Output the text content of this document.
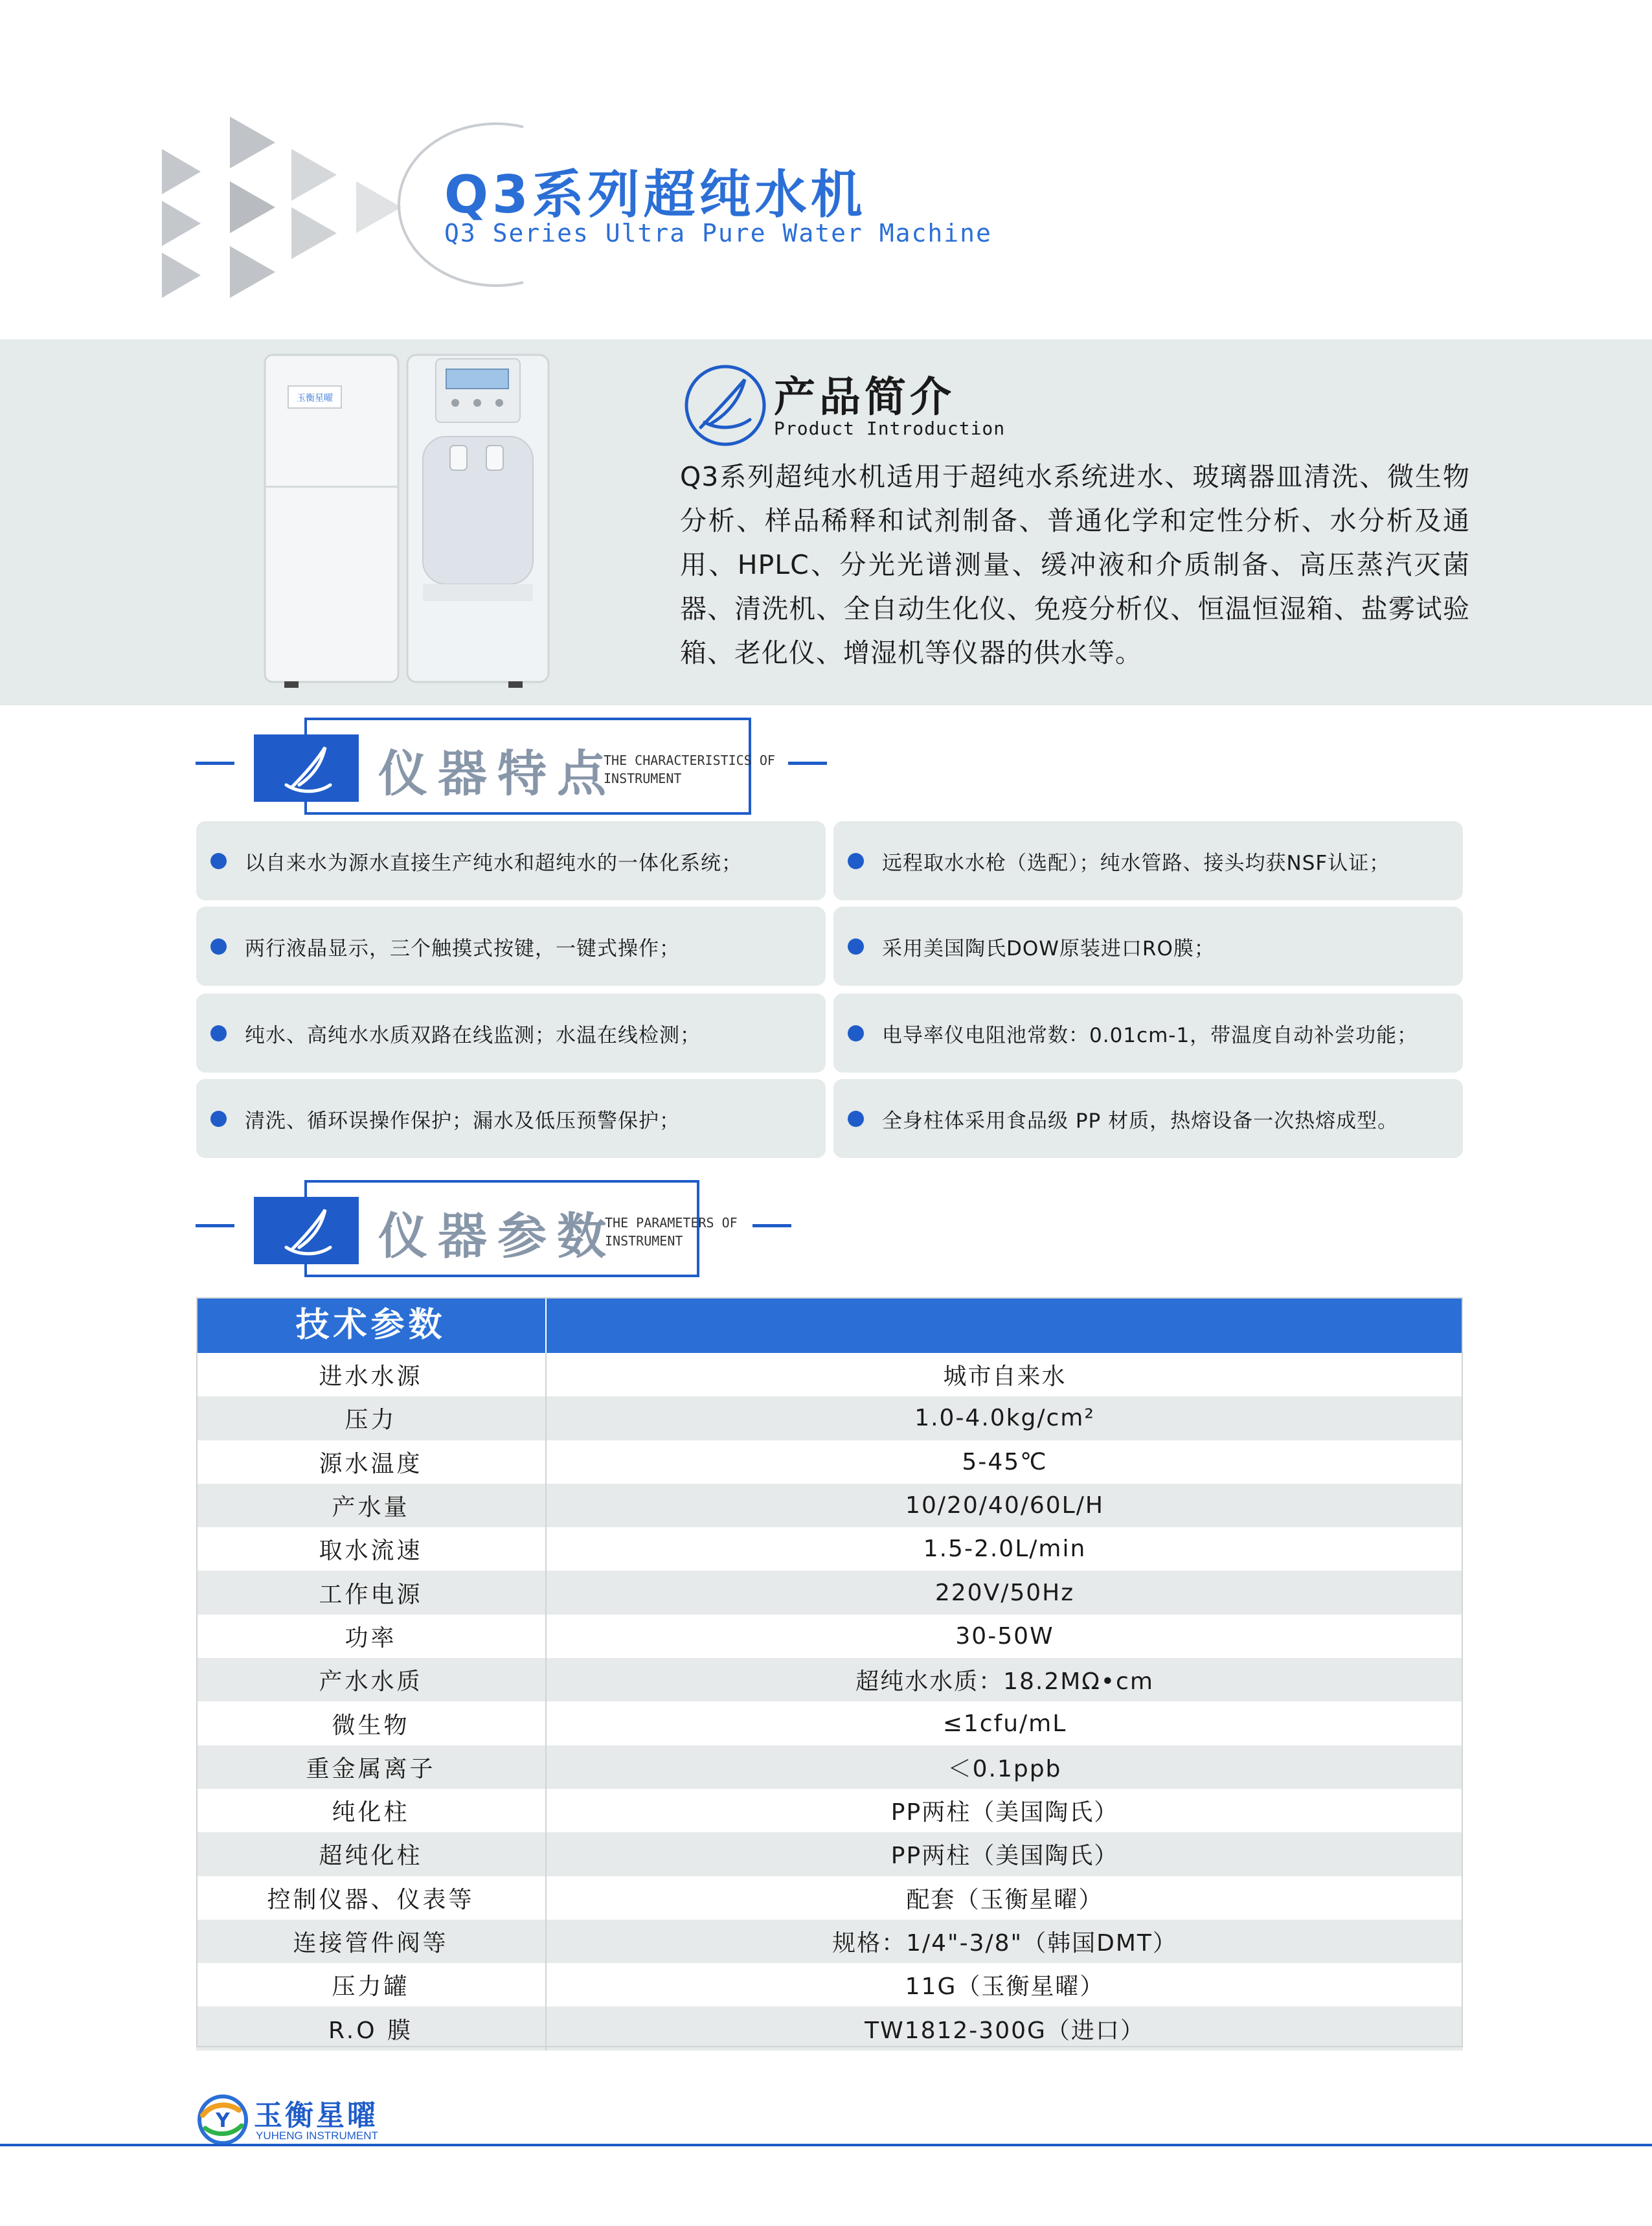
Q3系列超纯水机
Q3 Series Ultra Pure Water Machine
玉衡星曜	产品简介
Product Introduction
Q3系列超纯水机适用于超纯水系统进水、玻璃器皿清洗、微生物分析、样品稀释和试剂制备、普通化学和定性分析、水分析及通用、HPLC、分光光谱测量、缓冲液和介质制备、高压蒸汽灭菌器、清洗机、全自动生化仪、免疫分析仪、恒温恒湿箱、盐雾试验箱、老化仪、增湿机等仪器的供水等。
仪器特点
THE CHARACTERISTICS OF
INSTRUMENT
以自来水为源水直接生产纯水和超纯水的一体化系统；	远程取水水枪（选配）；纯水管路、接头均获NSF认证；
两行液晶显示，三个触摸式按键，一键式操作；	采用美国陶氏DOW原装进口RO膜；
纯水、高纯水水质双路在线监测；水温在线检测；	电导率仪电阻池常数：0.01cm-1，带温度自动补尝功能；
清洗、循环误操作保护；漏水及低压预警保护；	全身柱体采用食品级 PP 材质，热熔设备一次热熔成型。
仪器参数
THE PARAMETERS OF
INSTRUMENT
技术参数
进水水源	城市自来水
压力	1.0-4.0kg/cm²
源水温度	5-45℃
产水量	10/20/40/60L/H
取水流速	1.5-2.0L/min
工作电源	220V/50Hz
功率	30-50W
产水水质	超纯水水质：18.2MΩ•cm
微生物	≤1cfu/mL
重金属离子	＜0.1ppb
纯化柱	PP两柱（美国陶氏）
超纯化柱	PP两柱（美国陶氏）
控制仪器、仪表等	配套（玉衡星曜）
连接管件阀等	规格：1/4"-3/8"（韩国DMT）
压力罐	11G（玉衡星曜）
R.O 膜	TW1812-300G（进口）
Y 玉衡星曜
YUHENG INSTRUMENT
